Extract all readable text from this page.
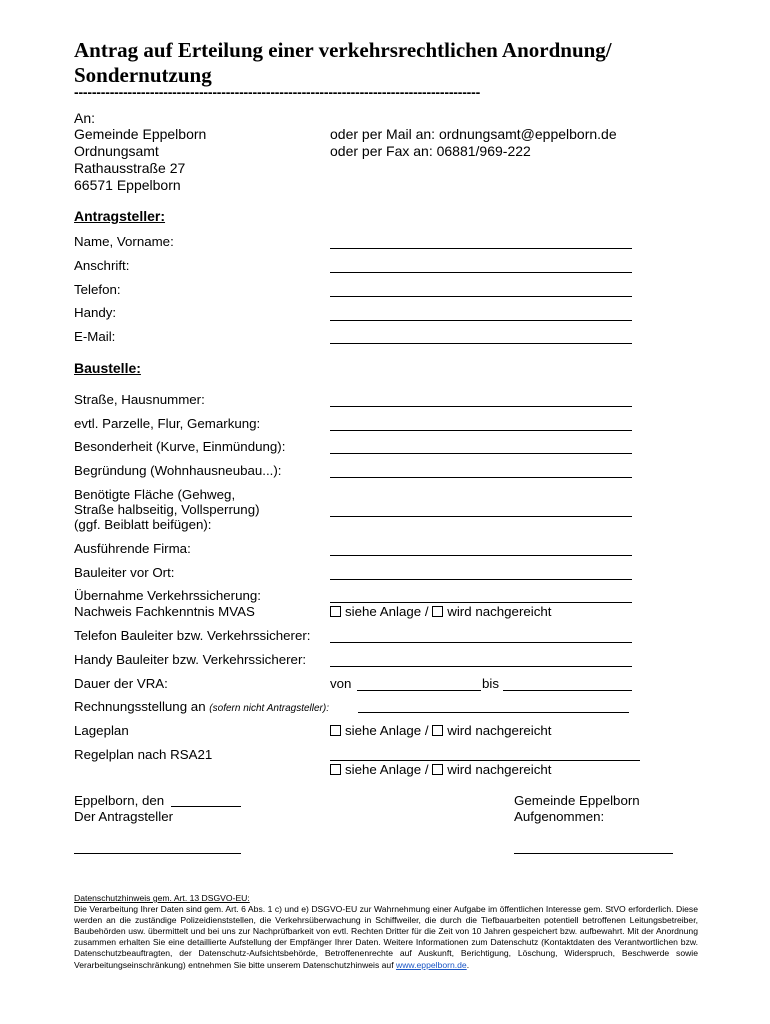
Antrag auf Erteilung einer verkehrsrechtlichen Anordnung/ Sondernutzung
-------------------------------------------------------------------------------------------
An:
Gemeinde Eppelborn
Ordnungsamt
Rathausstraße 27
66571 Eppelborn
oder per Mail an: ordnungsamt@eppelborn.de
oder per Fax an: 06881/969-222
Antragsteller:
Name, Vorname:
Anschrift:
Telefon:
Handy:
E-Mail:
Baustelle:
Straße, Hausnummer:
evtl. Parzelle, Flur, Gemarkung:
Besonderheit (Kurve, Einmündung):
Begründung (Wohnhausneubau...):
Benötigte Fläche (Gehweg,
Straße halbseitig, Vollsperrung)
(ggf. Beiblatt beifügen):
Ausführende Firma:
Bauleiter vor Ort:
Übernahme Verkehrssicherung:
Nachweis Fachkenntnis MVAS	siehe Anlage / wird nachgereicht
Telefon Bauleiter bzw. Verkehrssicherer:
Handy Bauleiter bzw. Verkehrssicherer:
Dauer der VRA:	von	bis
Rechnungsstellung an (sofern nicht Antragsteller):
Lageplan	siehe Anlage / wird nachgereicht
Regelplan nach RSA21
siehe Anlage / wird nachgereicht
Eppelborn, den
Der Antragsteller
Gemeinde Eppelborn
Aufgenommen:
Datenschutzhinweis gem. Art. 13 DSGVO-EU:
Die Verarbeitung Ihrer Daten sind gem. Art. 6 Abs. 1 c) und e) DSGVO-EU zur Wahrnehmung einer Aufgabe im öffentlichen Interesse gem. StVO erforderlich. Diese werden an die zuständige Polizeidienststellen, die Verkehrsüberwachung in Schiffweiler, die durch die Tiefbauarbeiten potentiell betroffenen Leitungsbetreiber, Baubehörden usw. übermittelt und bei uns zur Nachprüfbarkeit von evtl. Rechten Dritter für die Zeit von 10 Jahren gespeichert bzw. aufbewahrt. Mit der Anordnung zusammen erhalten Sie eine detaillierte Aufstellung der Empfänger Ihrer Daten. Weitere Informationen zum Datenschutz (Kontaktdaten des Verantwortlichen bzw. Datenschutzbeauftragten, der Datenschutz-Aufsichtsbehörde, Betroffenenrechte auf Auskunft, Berichtigung, Löschung, Widerspruch, Beschwerde sowie Verarbeitungseinschränkung) entnehmen Sie bitte unserem Datenschutzhinweis auf www.eppelborn.de.
